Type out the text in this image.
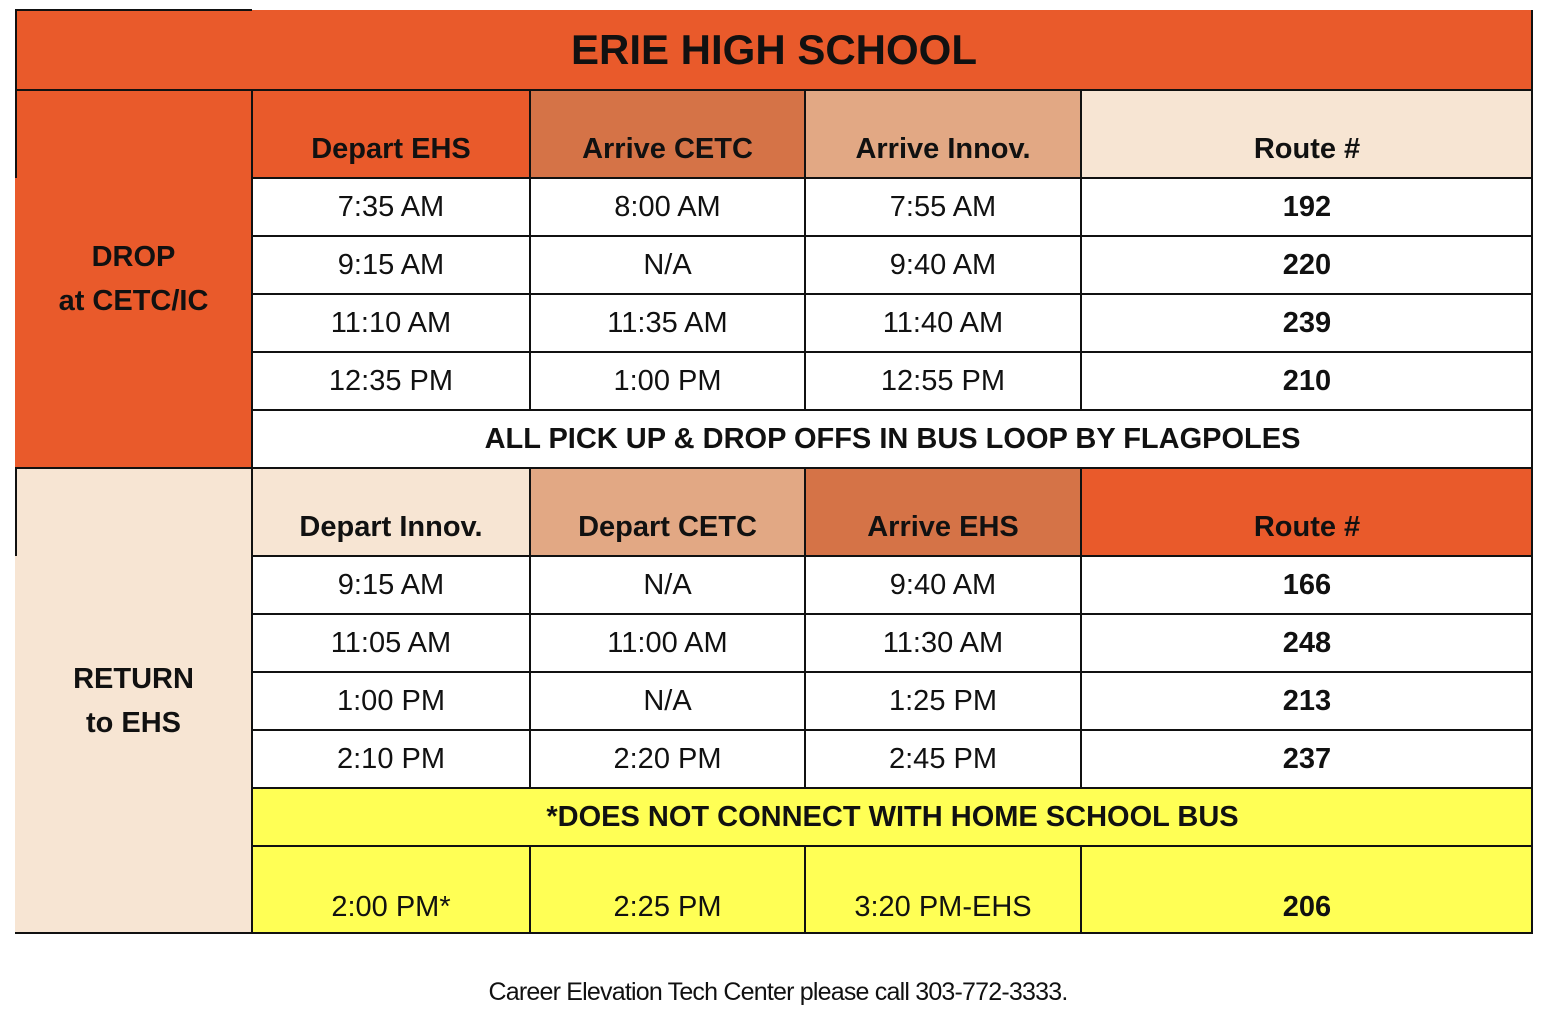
ERIE HIGH SCHOOL
DROP
at CETC/IC
Depart EHS	Arrive CETC	Arrive Innov.	Route #
7:35 AM	8:00 AM	7:55 AM	192
9:15 AM	N/A	9:40 AM	220
11:10 AM	11:35 AM	11:40 AM	239
12:35 PM	1:00 PM	12:55 PM	210
ALL PICK UP & DROP OFFS IN BUS LOOP BY FLAGPOLES
RETURN
to EHS
Depart Innov.	Depart CETC	Arrive EHS	Route #
9:15 AM	N/A	9:40 AM	166
11:05 AM	11:00 AM	11:30 AM	248
1:00 PM	N/A	1:25 PM	213
2:10 PM	2:20 PM	2:45 PM	237
*DOES NOT CONNECT WITH HOME SCHOOL BUS
2:00 PM*	2:25 PM	3:20 PM-EHS	206
Career Elevation Tech Center please call 303-772-3333.
